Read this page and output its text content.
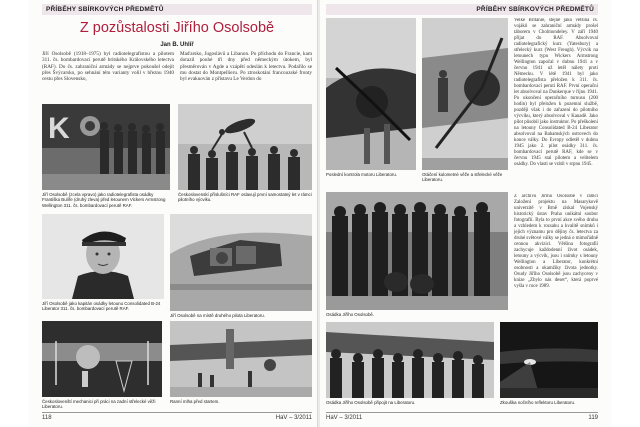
PŘÍBĚHY SBÍRKOVÝCH PŘEDMĚTŮ
Z pozůstalosti Jiřího Osolsobě
Jan B. Uhlíř
Jiří Osolsobě (1918–1975) byl radiotelegrafistou a pilotem 311. čs. bombardovací perutě britského Královského letectva (RAF). Do čs. zahraniční armády se nejprve pokoušel odejít přes Švýcarsko, po sehnání této varianty volil v březnu 1940 cestu přes Slovensko,
Maďarsko, Jugoslávii a Libanon. Po příchodu do Francie, kam dorazil pouhé tři dny před německým útokem, byl přesměrován v Agde a vzápětí odeslán k letectvu. Podařilo se mu dostat do Montpellieru. Po ztroskotání francouzské fronty byl evakuován z přístavu Le Verdon do
K
Jiří Osolsobě (zcela vpravo) jako radiotelegrafista osádky Františka Bulíře (druhý zleva) před letounem Vickers Armstrong Wellington 311. čs. bombardovací perutě RAF.
Československí příslušníci RAF oslavují první samostatný let v rámci pilotního výcviku.
Jiří Osolsobě jako kapitán osádky letounu Consolidated B-24 Liberator 311. čs. bombardovací perutě RAF.
Jiří Osolsobě na místě druhého pilota Liberatoru.
Českoslovenští mechanici při práci na zadní střelecké věži Liberatoru.
Ranní mlha před startem.
118	HaV – 3/2011
PŘÍBĚHY SBÍRKOVÝCH PŘEDMĚTŮ
Poslední kontrola motoru Liberatoru.	Otáčení kulometné věže a střelecké věže Liberatoru.
Velké Británie, stejně jako většina čs. vojáků se zahraniční armády prošel táborem v Cholmondeley. V září 1940 přijat do RAF. Absolvoval radiotelegrafický kurz (Yatesbury) a střelecký kurz (West Freugh). Výcvik na letounech typu Wickers Armstrong Wellington započal v dubnu 1941 a v červnu 1941 už letěl nálety proti Německu. V létě 1941 byl jako radiotelegrafista přeložen k 311. čs. bombardovací peruti RAF. První operační let absolvoval na Dunkerque v říjnu 1941. Po ukončení operačního turnusu (200 hodin) byl přeložen k pozemní službě, později však i do zařazení do pilotního výcviku, který absolvoval v Kanadě. Jako pilot působil jako instruktor. Po přeškolení na letouny Consolidated B-24 Liberator absolvoval na Bahamských ostrovech do konce války. Do Evropy odletěl v dubnu 1945 jako 2. pilot osádky 311. čs. bombardovací perutě RAF, kde se v červnu 1945 stal pilotem a velitelem osádky. Do vlasti se vrátil v srpnu 1945.
Osádka Jiřího Osolsobě.
Z archivu Jiřího Osolsobě v rámci Založení projektu na Masarykově univerzitě v Brně získal Vojenský historický ústav Praha unikátní soubor fotografií. Byla to první akce svého druhu a vzhledem k rozsahu a kvalitě snímků i jejich významu pro dějiny čs. letectva za druhé světové války se jedná o mimořádně cennou akvizici. Většina fotografií zachycuje každodenní život osádek, letouny a výcvik, jsou i snímky s letouny Wellington a Liberator, konkrétní osobnosti a okamžiky života jednotky. Osudy Jiřího Osolsobě jsou zachyceny v knize „Zbylo nás deset“, která poprvé vyšla v roce 1989.
Osádka Jiřího Osolsobě připojit na Liberatoru.	Zkouška nočního reflektoru Liberatoru.
HaV – 3/2011	119
